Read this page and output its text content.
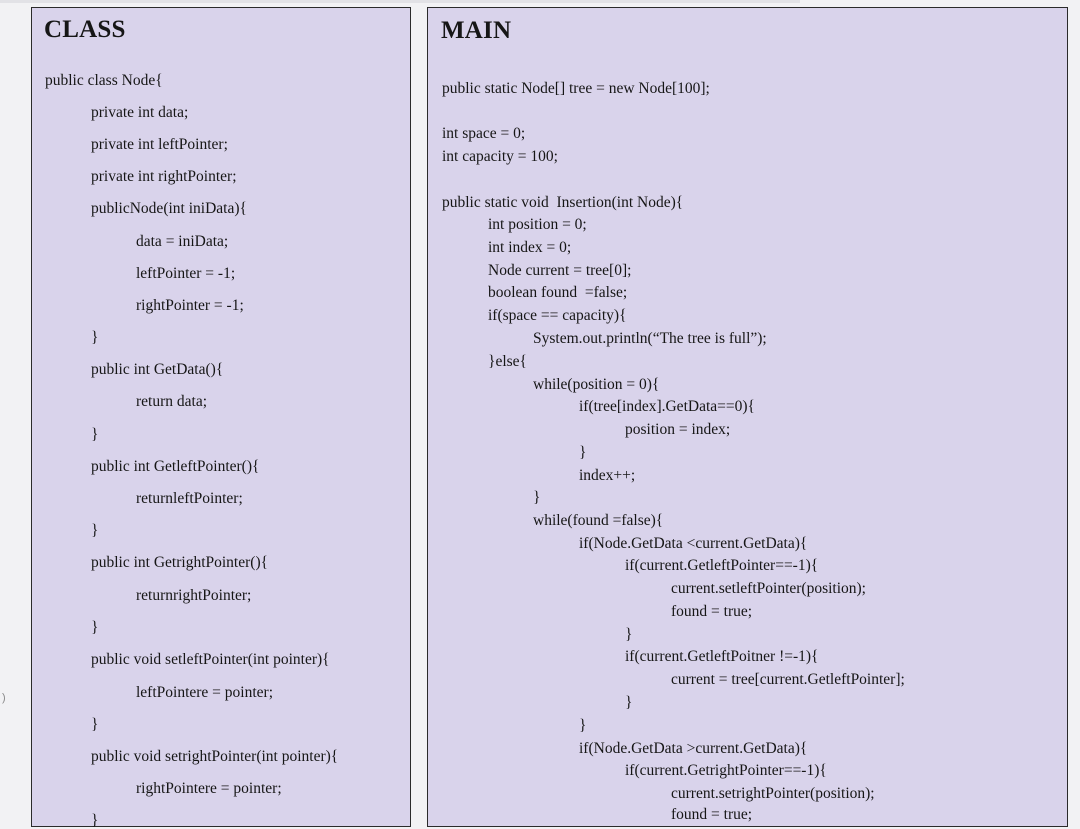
)
CLASS
public class Node{
private int data;
private int leftPointer;
private int rightPointer;
publicNode(int iniData){
data = iniData;
leftPointer = -1;
rightPointer = -1;
}
public int GetData(){
return data;
}
public int GetleftPointer(){
returnleftPointer;
}
public int GetrightPointer(){
returnrightPointer;
}
public void setleftPointer(int pointer){
leftPointere = pointer;
}
public void setrightPointer(int pointer){
rightPointere = pointer;
}
MAIN
public static Node[] tree = new Node[100];
int space = 0;
int capacity = 100;
public static void  Insertion(int Node){
int position = 0;
int index = 0;
Node current = tree[0];
boolean found  =false;
if(space == capacity){
System.out.println(“The tree is full”);
}else{
while(position = 0){
if(tree[index].GetData==0){
position = index;
}
index++;
}
while(found =false){
if(Node.GetData <current.GetData){
if(current.GetleftPointer==-1){
current.setleftPointer(position);
found = true;
}
if(current.GetleftPoitner !=-1){
current = tree[current.GetleftPointer];
}
}
if(Node.GetData >current.GetData){
if(current.GetrightPointer==-1){
current.setrightPointer(position);
found = true;
